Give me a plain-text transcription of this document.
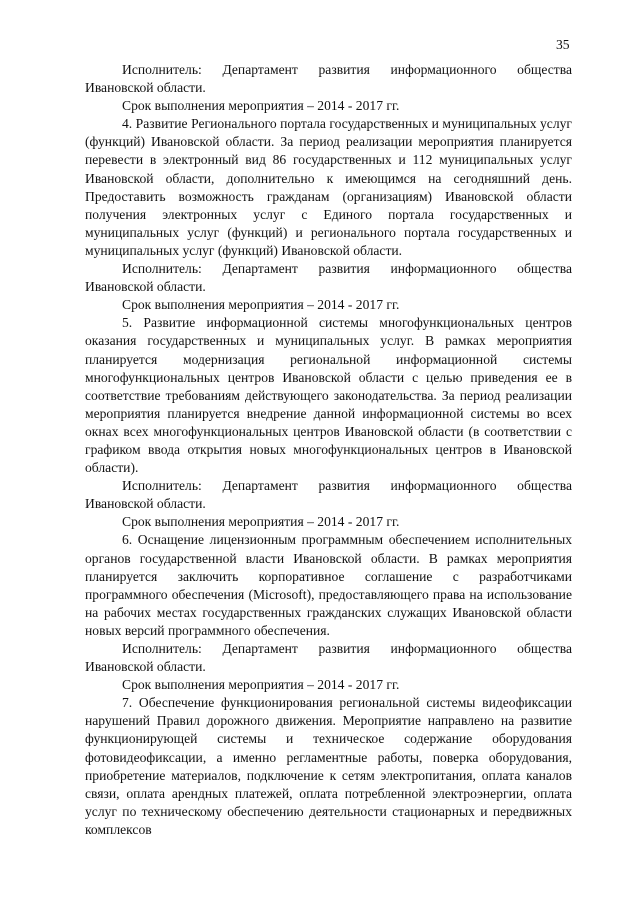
35

Исполнитель: Департамент развития информационного общества Ивановской области.

Срок выполнения мероприятия – 2014 - 2017 гг.

4. Развитие Регионального портала государственных и муниципальных услуг (функций) Ивановской области. За период реализации мероприятия планируется перевести в электронный вид 86 государственных и 112 муниципальных услуг Ивановской области, дополнительно к имеющимся на сегодняшний день. Предоставить возможность гражданам (организациям) Ивановской области получения электронных услуг с Единого портала государственных и муниципальных услуг (функций) и регионального портала государственных и муниципальных услуг (функций) Ивановской области.

Исполнитель: Департамент развития информационного общества Ивановской области.

Срок выполнения мероприятия – 2014 - 2017 гг.

5. Развитие информационной системы многофункциональных центров оказания государственных и муниципальных услуг. В рамках мероприятия планируется модернизация региональной информационной системы многофункциональных центров Ивановской области с целью приведения ее в соответствие требованиям действующего законодательства. За период реализации мероприятия планируется внедрение данной информационной системы во всех окнах всех многофункциональных центров Ивановской области (в соответствии с графиком ввода открытия новых многофункциональных центров в Ивановской области).

Исполнитель: Департамент развития информационного общества Ивановской области.

Срок выполнения мероприятия – 2014 - 2017 гг.

6. Оснащение лицензионным программным обеспечением исполнительных органов государственной власти Ивановской области. В рамках мероприятия планируется заключить корпоративное соглашение с разработчиками программного обеспечения (Microsoft), предоставляющего права на использование на рабочих местах государственных гражданских служащих Ивановской области новых версий программного обеспечения.

Исполнитель: Департамент развития информационного общества Ивановской области.

Срок выполнения мероприятия – 2014 - 2017 гг.

7. Обеспечение функционирования региональной системы видеофиксации нарушений Правил дорожного движения. Мероприятие направлено на развитие функционирующей системы и техническое содержание оборудования фотовидеофиксации, а именно регламентные работы, поверка оборудования, приобретение материалов, подключение к сетям электропитания, оплата каналов связи, оплата арендных платежей, оплата потребленной электроэнергии, оплата услуг по техническому обеспечению деятельности стационарных и передвижных комплексов
